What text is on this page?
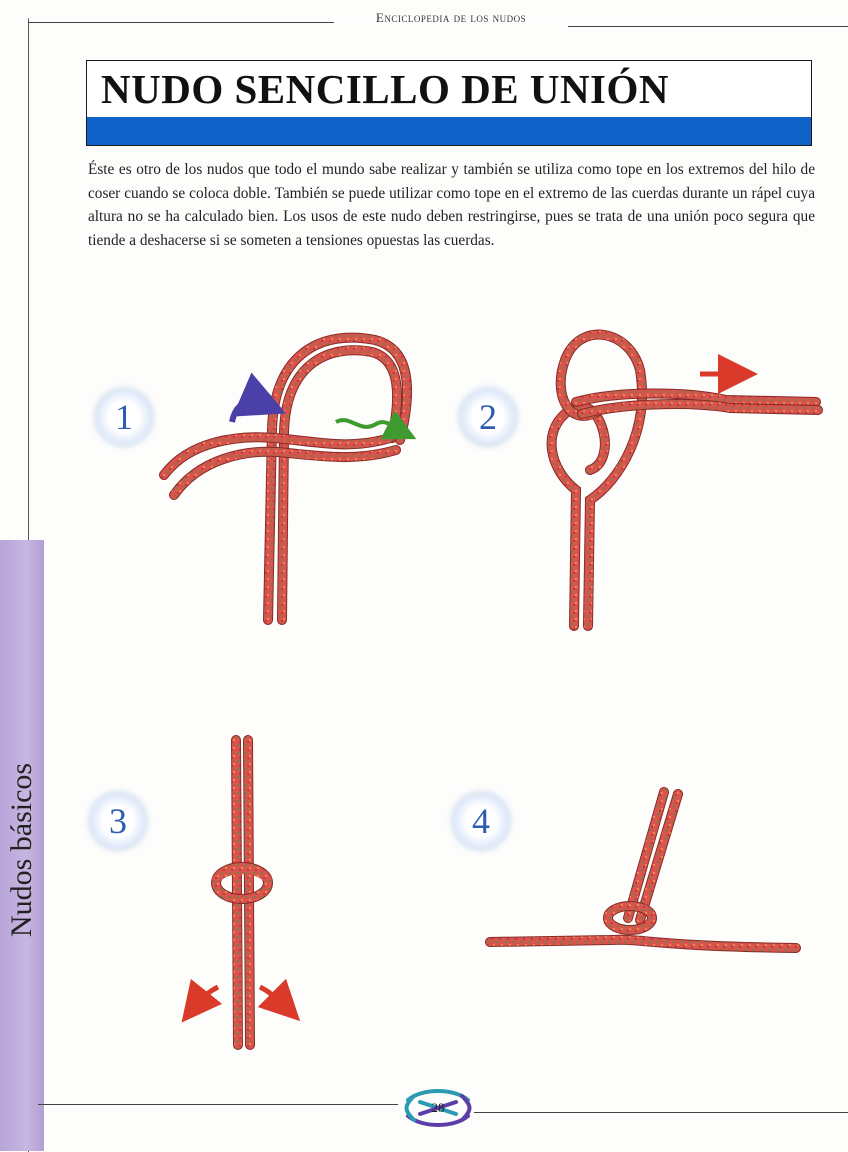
Enciclopedia de los nudos
NUDO SENCILLO DE UNIÓN

Éste es otro de los nudos que todo el mundo sabe realizar y también se utiliza como tope en los extremos del hilo de coser cuando se coloca doble. También se puede utilizar como tope en el extremo de las cuerdas durante un rápel cuya altura no se ha calculado bien. Los usos de este nudo deben restringirse, pues se trata de una unión poco segura que tiende a deshacerse si se someten a tensiones opuestas las cuerdas.

1	2
3	4
Nudos básicos
28
